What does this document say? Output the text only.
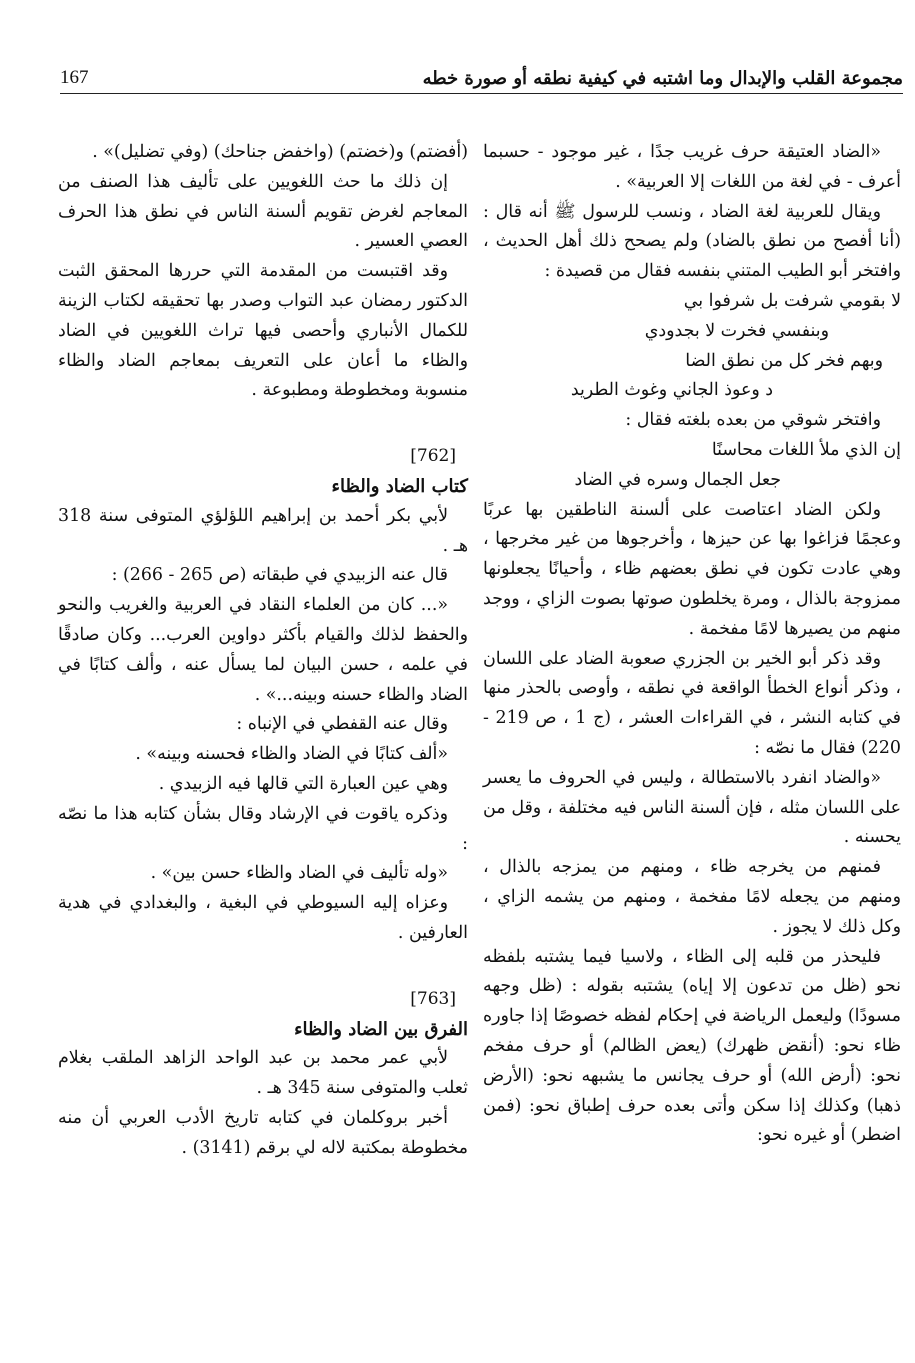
مجموعة القلب والإبدال وما اشتبه في كيفية نطقه أو صورة خطه
167

«الضاد العتيقة حرف غريب جدًا ، غير موجود - حسبما أعرف - في لغة من اللغات إلا العربية» .

ويقال للعربية لغة الضاد ، ونسب للرسول ﷺ أنه قال : (أنا أفصح من نطق بالضاد) ولم يصحح ذلك أهل الحديث ، وافتخر أبو الطيب المتني بنفسه فقال من قصيدة :

لا بقومي شرفت بل شرفوا بي
وبنفسي فخرت لا بجدودي
وبهم فخر كل من نطق الضا
د وعوذ الجاني وغوث الطريد

وافتخر شوقي من بعده بلغته فقال :

إن الذي ملأ اللغات محاسنًا
جعل الجمال وسره في الضاد

ولكن الضاد اعتاصت على ألسنة الناطقين بها عربًا وعجمًا فزاغوا بها عن حيزها ، وأخرجوها من غير مخرجها ، وهي عادت تكون في نطق بعضهم ظاء ، وأحيانًا يجعلونها ممزوجة بالذال ، ومرة يخلطون صوتها بصوت الزاي ، ووجد منهم من يصيرها لامًا مفخمة .

وقد ذكر أبو الخير بن الجزري صعوبة الضاد على اللسان ، وذكر أنواع الخطأ الواقعة في نطقه ، وأوصى بالحذر منها في كتابه النشر ، في القراءات العشر ، (ج 1 ، ص 219 - 220) فقال ما نصّه :

«والضاد انفرد بالاستطالة ، وليس في الحروف ما يعسر على اللسان مثله ، فإن ألسنة الناس فيه مختلفة ، وقل من يحسنه .

فمنهم من يخرجه ظاء ، ومنهم من يمزجه بالذال ، ومنهم من يجعله لامًا مفخمة ، ومنهم من يشمه الزاي ، وكل ذلك لا يجوز .

فليحذر من قلبه إلى الظاء ، ولاسيا فيما يشتبه بلفظه نحو (ظل من تدعون إلا إياه) يشتبه بقوله : (ظل وجهه مسودًا) وليعمل الرياضة في إحكام لفظه خصوصًا إذا جاوره ظاء نحو: (أنقض ظهرك) (يعض الظالم) أو حرف مفخم نحو: (أرض الله) أو حرف يجانس ما يشبهه نحو: (الأرض ذهبا) وكذلك إذا سكن وأتى بعده حرف إطباق نحو: (فمن اضطر) أو غيره نحو:

(أفضتم) و(خضتم) (واخفض جناحك) (وفي تضليل)» .

إن ذلك ما حث اللغويين على تأليف هذا الصنف من المعاجم لغرض تقويم ألسنة الناس في نطق هذا الحرف العصي العسير .

وقد اقتبست من المقدمة التي حررها المحقق الثبت الدكتور رمضان عبد التواب وصدر بها تحقيقه لكتاب الزينة للكمال الأنباري وأحصى فيها تراث اللغويين في الضاد والظاء ما أعان على التعريف بمعاجم الضاد والظاء منسوبة ومخطوطة ومطبوعة .

[762]

كتاب الضاد والظاء

لأبي بكر أحمد بن إبراهيم اللؤلؤي المتوفى سنة 318 هـ .

قال عنه الزبيدي في طبقاته (ص 265 - 266) :

«... كان من العلماء النقاد في العربية والغريب والنحو والحفظ لذلك والقيام بأكثر دواوين العرب... وكان صادقًا في علمه ، حسن البيان لما يسأل عنه ، وألف كتابًا في الضاد والظاء حسنه وبينه...» .

وقال عنه القفطي في الإنباه :

«ألف كتابًا في الضاد والظاء فحسنه وبينه» .

وهي عين العبارة التي قالها فيه الزبيدي .

وذكره ياقوت في الإرشاد وقال بشأن كتابه هذا ما نصّه :

«وله تأليف في الضاد والظاء حسن بين» .

وعزاه إليه السيوطي في البغية ، والبغدادي في هدية العارفين .

[763]

الفرق بين الضاد والظاء

لأبي عمر محمد بن عبد الواحد الزاهد الملقب بغلام ثعلب والمتوفى سنة 345 هـ .

أخبر بروكلمان في كتابه تاريخ الأدب العربي أن منه مخطوطة بمكتبة لاله لي برقم (3141) .
